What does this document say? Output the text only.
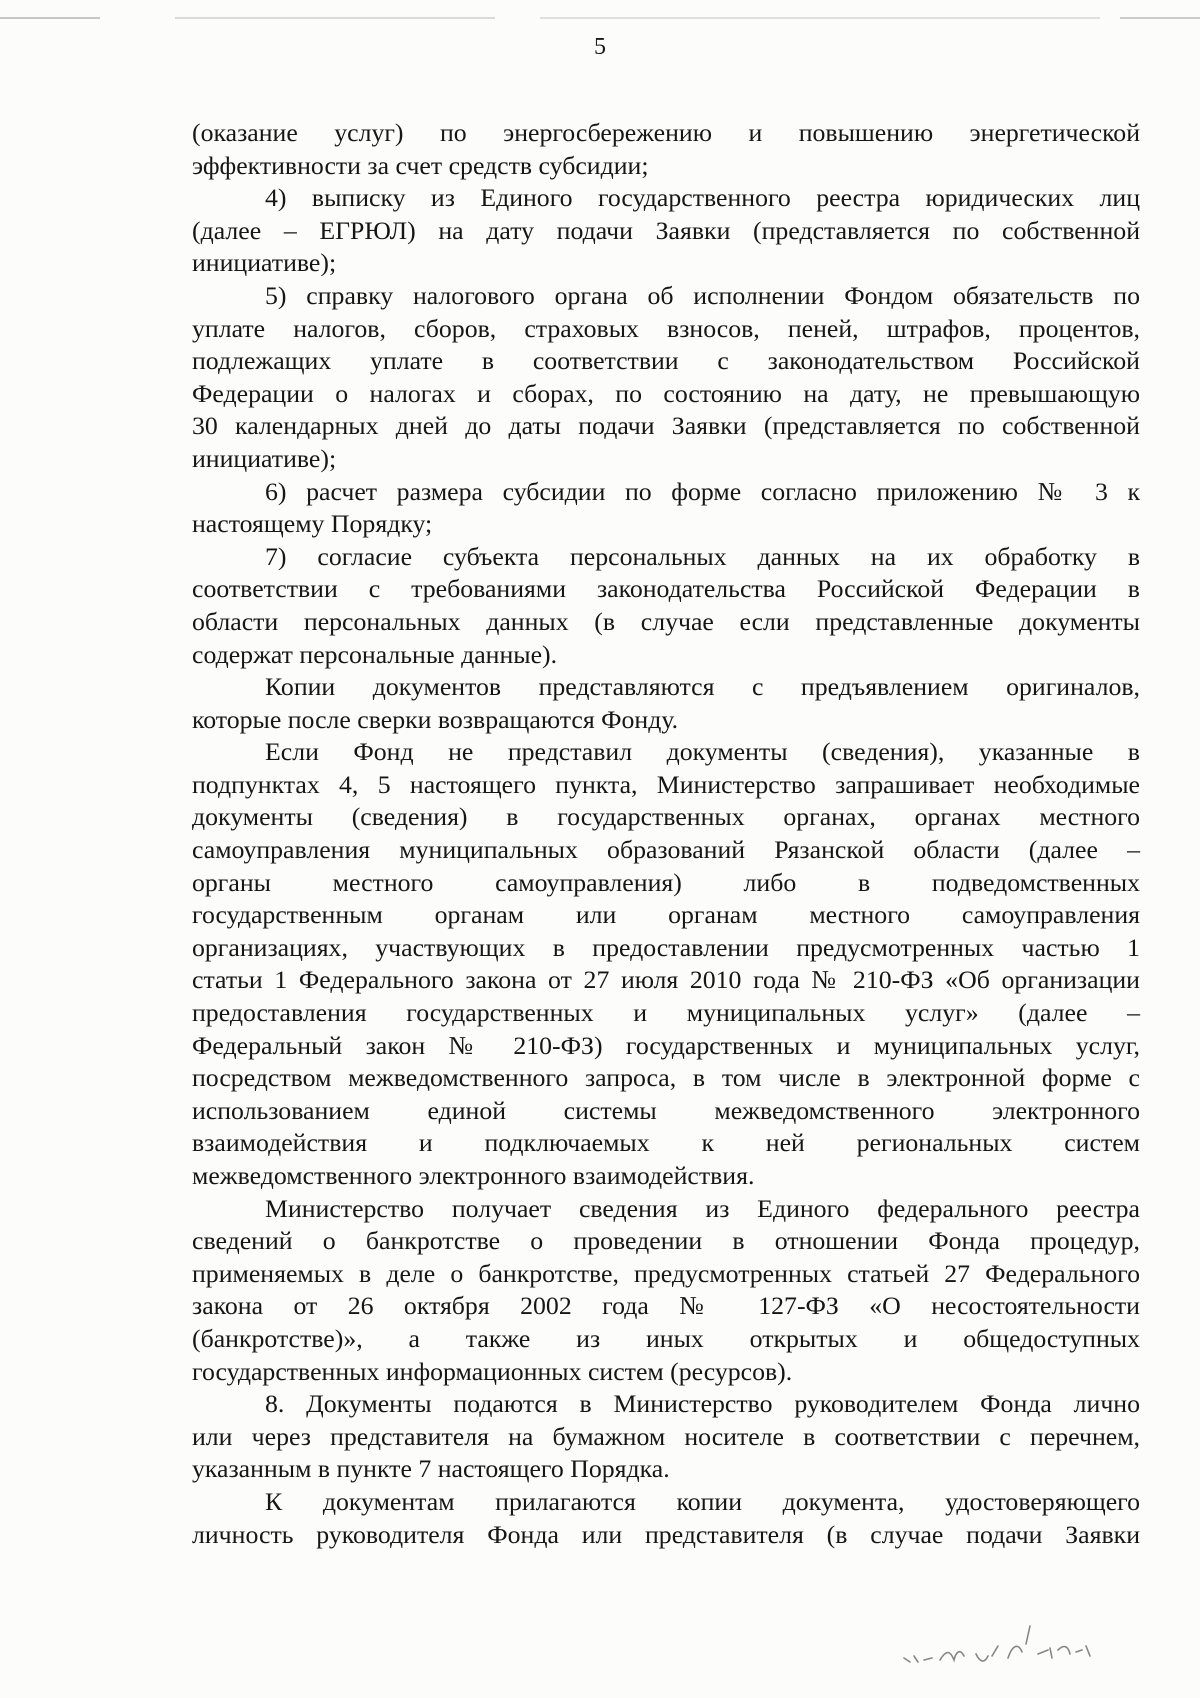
5
(оказание услуг) по энергосбережению и повышению энергетической
эффективности за счет средств субсидии;
4) выписку из Единого государственного реестра юридических лиц
(далее – ЕГРЮЛ) на дату подачи Заявки (представляется по собственной
инициативе);
5) справку налогового органа об исполнении Фондом обязательств по
уплате налогов, сборов, страховых взносов, пеней, штрафов, процентов,
подлежащих уплате в соответствии с законодательством Российской
Федерации о налогах и сборах, по состоянию на дату, не превышающую
30 календарных дней до даты подачи Заявки (представляется по собственной
инициативе);
6) расчет размера субсидии по форме согласно приложению № 3 к
настоящему Порядку;
7) согласие субъекта персональных данных на их обработку в
соответствии с требованиями законодательства Российской Федерации в
области персональных данных (в случае если представленные документы
содержат персональные данные).
Копии документов представляются с предъявлением оригиналов,
которые после сверки возвращаются Фонду.
Если Фонд не представил документы (сведения), указанные в
подпунктах 4, 5 настоящего пункта, Министерство запрашивает необходимые
документы (сведения) в государственных органах, органах местного
самоуправления муниципальных образований Рязанской области (далее –
органы местного самоуправления) либо в подведомственных
государственным органам или органам местного самоуправления
организациях, участвующих в предоставлении предусмотренных частью 1
статьи 1 Федерального закона от 27 июля 2010 года № 210-ФЗ «Об организации
предоставления государственных и муниципальных услуг» (далее –
Федеральный закон № 210-ФЗ) государственных и муниципальных услуг,
посредством межведомственного запроса, в том числе в электронной форме с
использованием единой системы межведомственного электронного
взаимодействия и подключаемых к ней региональных систем
межведомственного электронного взаимодействия.
Министерство получает сведения из Единого федерального реестра
сведений о банкротстве о проведении в отношении Фонда процедур,
применяемых в деле о банкротстве, предусмотренных статьей 27 Федерального
закона от 26 октября 2002 года № 127-ФЗ «О несостоятельности
(банкротстве)», а также из иных открытых и общедоступных
государственных информационных систем (ресурсов).
8. Документы подаются в Министерство руководителем Фонда лично
или через представителя на бумажном носителе в соответствии с перечнем,
указанным в пункте 7 настоящего Порядка.
К документам прилагаются копии документа, удостоверяющего
личность руководителя Фонда или представителя (в случае подачи Заявки
